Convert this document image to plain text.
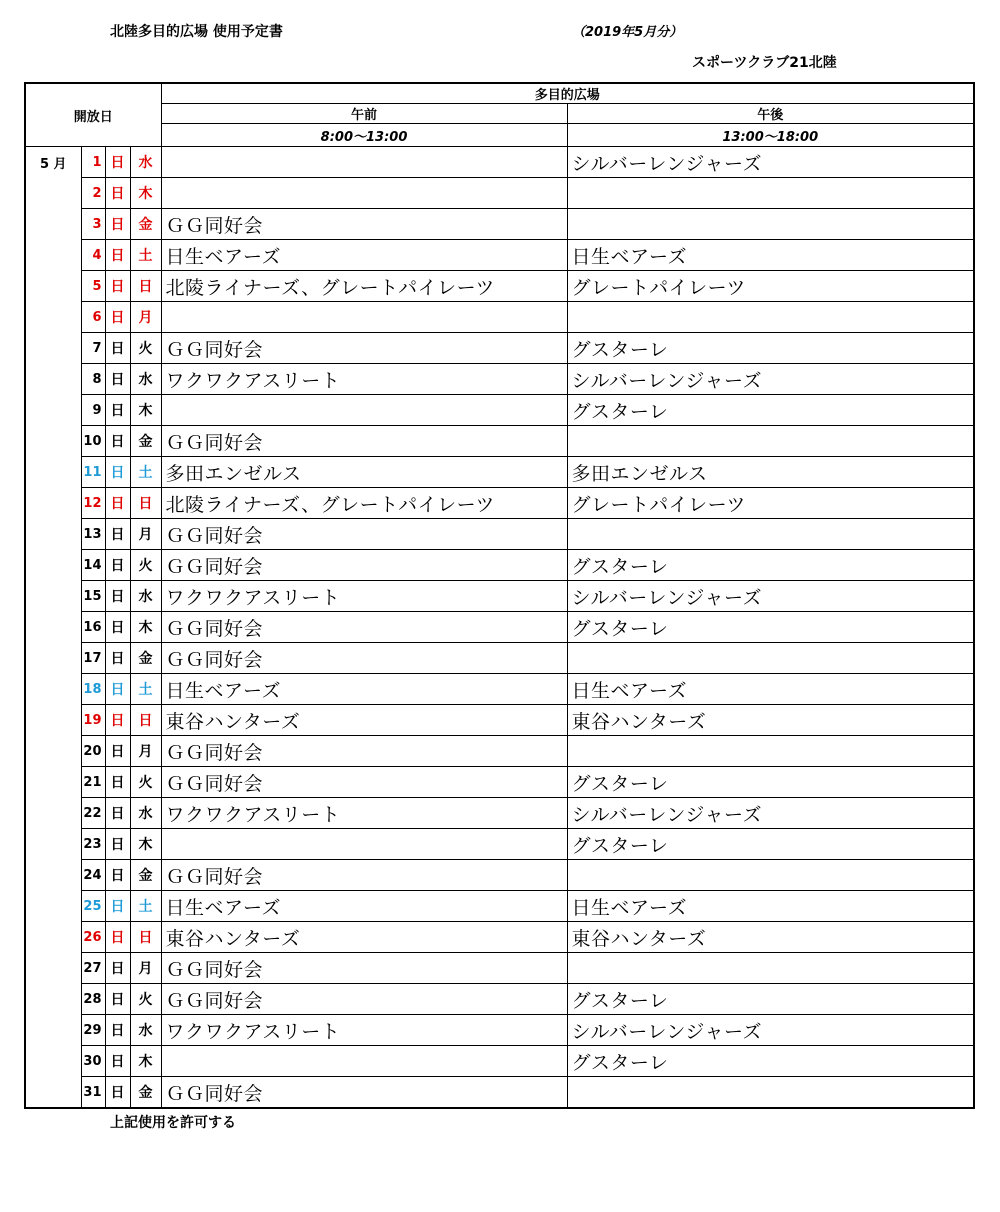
北陸多目的広場 使用予定書	（2019年5月分）
スポーツクラブ21北陸
開放日				多目的広場	
				午前	午後
				8:00～13:00	13:00～18:00
5 月	1	日	水		シルバーレンジャーズ
	2	日	木		
	3	日	金	ＧＧ同好会	
	4	日	土	日生ベアーズ	日生ベアーズ
	5	日	日	北陵ライナーズ、グレートパイレーツ	グレートパイレーツ
	6	日	月		
	7	日	火	ＧＧ同好会	グスターレ
	8	日	水	ワクワクアスリート	シルバーレンジャーズ
	9	日	木		グスターレ
	10	日	金	ＧＧ同好会	
	11	日	土	多田エンゼルス	多田エンゼルス
	12	日	日	北陵ライナーズ、グレートパイレーツ	グレートパイレーツ
	13	日	月	ＧＧ同好会	
	14	日	火	ＧＧ同好会	グスターレ
	15	日	水	ワクワクアスリート	シルバーレンジャーズ
	16	日	木	ＧＧ同好会	グスターレ
	17	日	金	ＧＧ同好会	
	18	日	土	日生ベアーズ	日生ベアーズ
	19	日	日	東谷ハンターズ	東谷ハンターズ
	20	日	月	ＧＧ同好会	
	21	日	火	ＧＧ同好会	グスターレ
	22	日	水	ワクワクアスリート	シルバーレンジャーズ
	23	日	木		グスターレ
	24	日	金	ＧＧ同好会	
	25	日	土	日生ベアーズ	日生ベアーズ
	26	日	日	東谷ハンターズ	東谷ハンターズ
	27	日	月	ＧＧ同好会	
	28	日	火	ＧＧ同好会	グスターレ
	29	日	水	ワクワクアスリート	シルバーレンジャーズ
	30	日	木		グスターレ
	31	日	金	ＧＧ同好会	
上記使用を許可する
